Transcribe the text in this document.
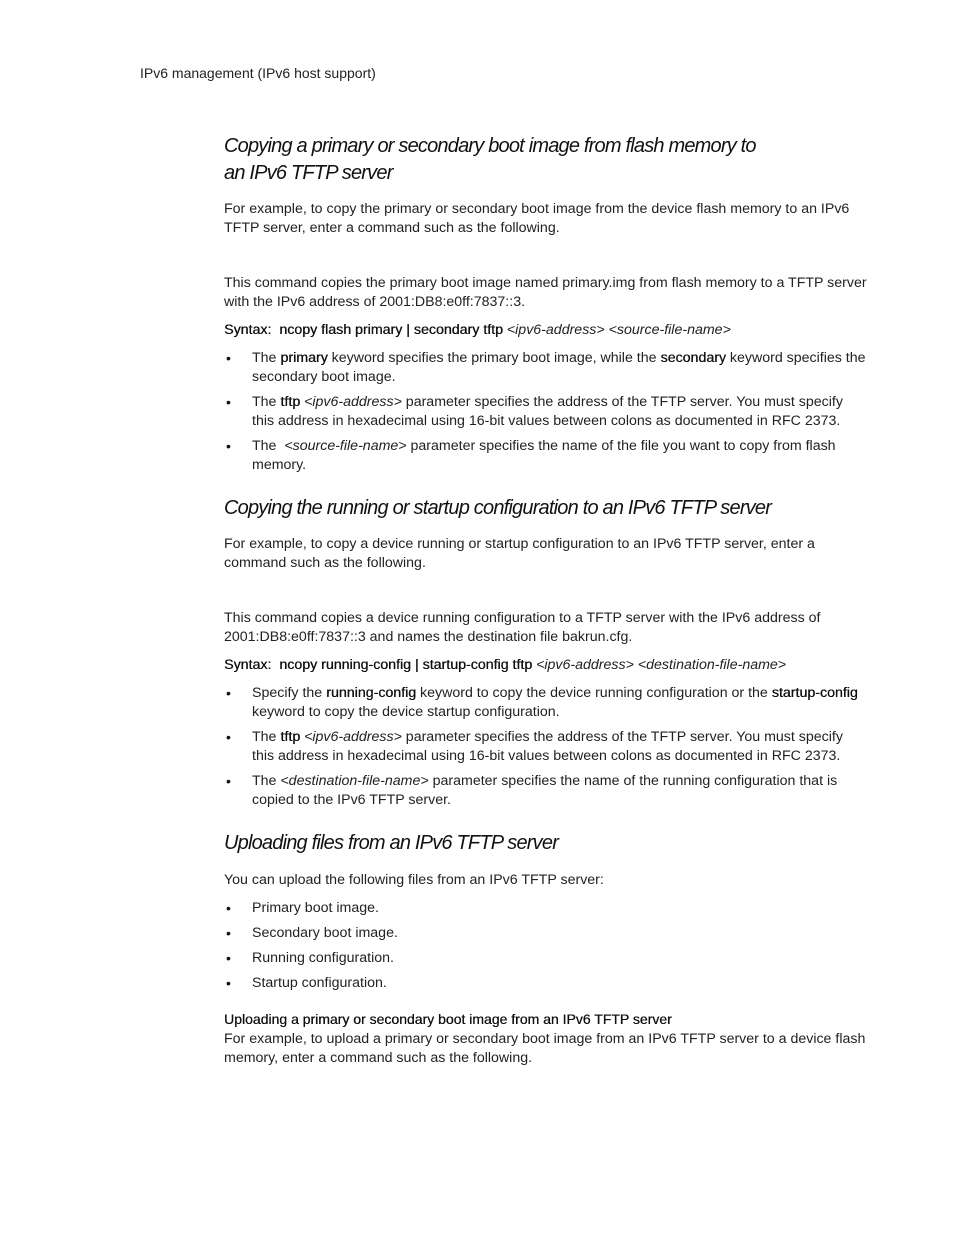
IPv6 management (IPv6 host support)
Copying a primary or secondary boot image from flash memory to
an IPv6 TFTP server

For example, to copy the primary or secondary boot image from the device flash memory to an IPv6 TFTP server, enter a command such as the following.

This command copies the primary boot image named primary.img from flash memory to a TFTP server with the IPv6 address of 2001:DB8:e0ff:7837::3.

Syntax: ncopy flash primary | secondary tftp <ipv6-address> <source-file-name>
• The primary keyword specifies the primary boot image, while the secondary keyword specifies the secondary boot image.
• The tftp <ipv6-address> parameter specifies the address of the TFTP server. You must specify this address in hexadecimal using 16-bit values between colons as documented in RFC 2373.
• The  <source-file-name> parameter specifies the name of the file you want to copy from flash memory.
Copying the running or startup configuration to an IPv6 TFTP server

For example, to copy a device running or startup configuration to an IPv6 TFTP server, enter a command such as the following.

This command copies a device running configuration to a TFTP server with the IPv6 address of 2001:DB8:e0ff:7837::3 and names the destination file bakrun.cfg.

Syntax: ncopy running-config | startup-config tftp <ipv6-address> <destination-file-name>
• Specify the running-config keyword to copy the device running configuration or the startup-config keyword to copy the device startup configuration.
• The tftp <ipv6-address> parameter specifies the address of the TFTP server. You must specify this address in hexadecimal using 16-bit values between colons as documented in RFC 2373.
• The <destination-file-name> parameter specifies the name of the running configuration that is copied to the IPv6 TFTP server.
Uploading files from an IPv6 TFTP server

You can upload the following files from an IPv6 TFTP server:

• Primary boot image.
• Secondary boot image.
• Running configuration.
• Startup configuration.
Uploading a primary or secondary boot image from an IPv6 TFTP server

For example, to upload a primary or secondary boot image from an IPv6 TFTP server to a device flash memory, enter a command such as the following.
